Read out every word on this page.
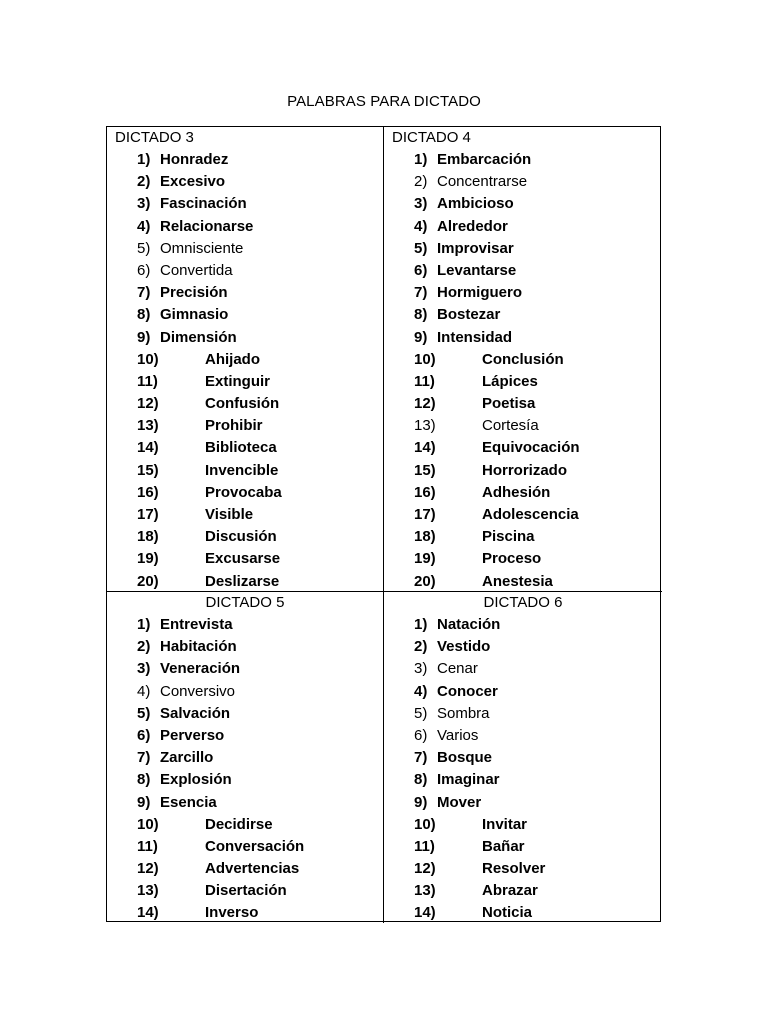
PALABRAS PARA DICTADO
DICTADO 3
1) Honradez
2) Excesivo
3) Fascinación
4) Relacionarse
5) Omnisciente
6) Convertida
7) Precisión
8) Gimnasio
9) Dimensión
10)	Ahijado
11)	Extinguir
12)	Confusión
13)	Prohibir
14)	Biblioteca
15)	Invencible
16)	Provocaba
17)	Visible
18)	Discusión
19)	Excusarse
20)	Deslizarse
DICTADO 4
1) Embarcación
2) Concentrarse
3) Ambicioso
4) Alrededor
5) Improvisar
6) Levantarse
7) Hormiguero
8) Bostezar
9) Intensidad
10)	Conclusión
11)	Lápices
12)	Poetisa
13)	Cortesía
14)	Equivocación
15)	Horrorizado
16)	Adhesión
17)	Adolescencia
18)	Piscina
19)	Proceso
20)	Anestesia
DICTADO 5
1) Entrevista
2) Habitación
3) Veneración
4) Conversivo
5) Salvación
6) Perverso
7) Zarcillo
8) Explosión
9) Esencia
10)	Decidirse
11)	Conversación
12)	Advertencias
13)	Disertación
14)	Inverso
DICTADO 6
1) Natación
2) Vestido
3) Cenar
4) Conocer
5) Sombra
6) Varios
7) Bosque
8) Imaginar
9) Mover
10)	Invitar
11)	Bañar
12)	Resolver
13)	Abrazar
14)	Noticia
